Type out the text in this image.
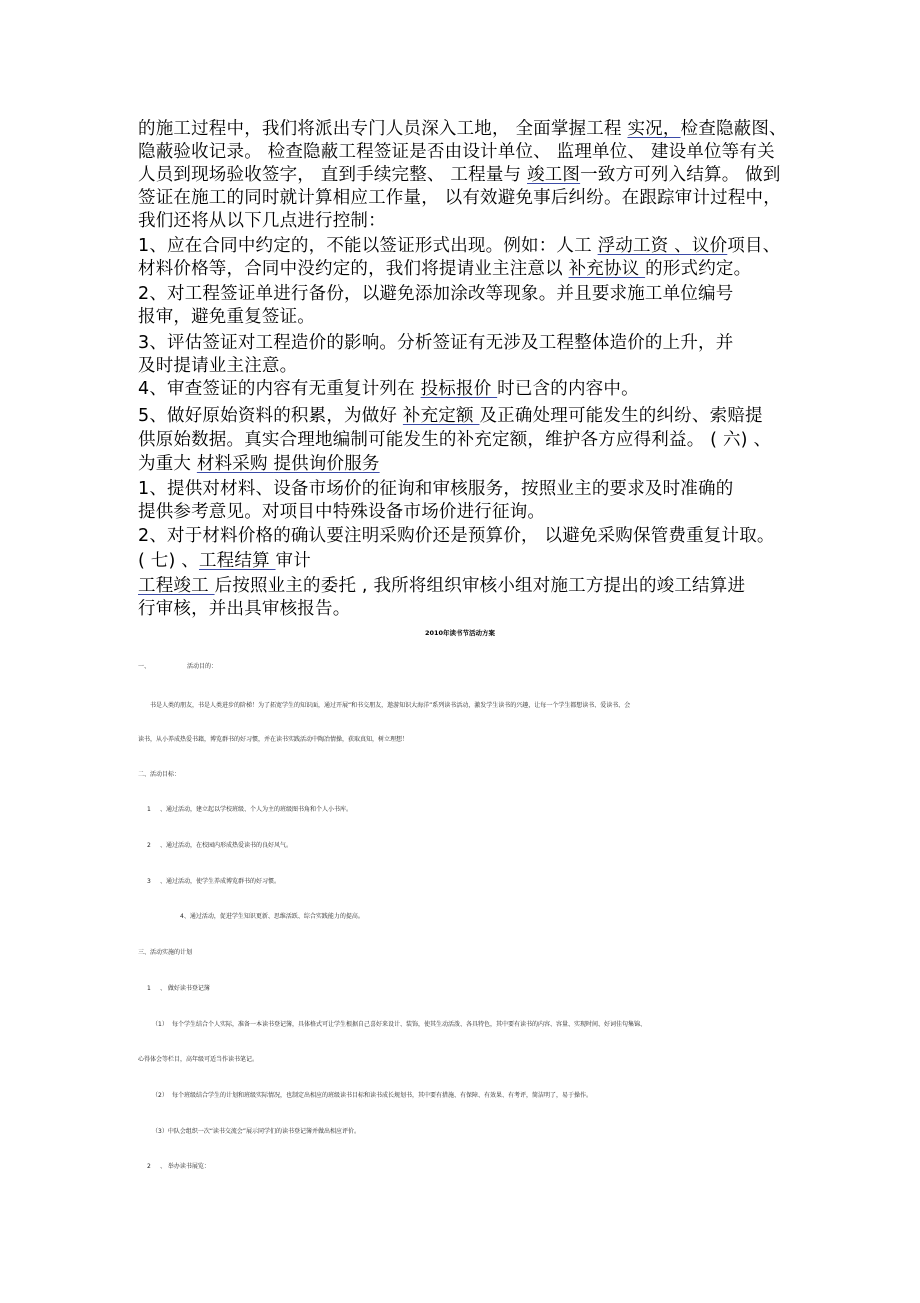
的施工过程中，我们将派出专门人员深入工地， 全面掌握工程 实况，检查隐蔽图、
隐蔽验收记录。 检查隐蔽工程签证是否由设计单位、 监理单位、 建设单位等有关
人员到现场验收签字， 直到手续完整、 工程量与 竣工图一致方可列入结算。 做到
签证在施工的同时就计算相应工作量， 以有效避免事后纠纷。在跟踪审计过程中，
我们还将从以下几点进行控制：
1、应在合同中约定的，不能以签证形式出现。例如：人工 浮动工资 、议价项目、
材料价格等，合同中没约定的，我们将提请业主注意以 补充协议 的形式约定。
2、对工程签证单进行备份，以避免添加涂改等现象。并且要求施工单位编号
报审，避免重复签证。
3、评估签证对工程造价的影响。分析签证有无涉及工程整体造价的上升，并
及时提请业主注意。
4、审查签证的内容有无重复计列在 投标报价 时已含的内容中。
5、做好原始资料的积累，为做好 补充定额 及正确处理可能发生的纠纷、索赔提
供原始数据。真实合理地编制可能发生的补充定额，维护各方应得利益。 ( 六) 、
为重大 材料采购 提供询价服务
1、提供对材料、设备市场价的征询和审核服务，按照业主的要求及时准确的
提供参考意见。对项目中特殊设备市场价进行征询。
2、对于材料价格的确认要注明采购价还是预算价， 以避免采购保管费重复计取。
( 七) 、工程结算 审计
工程竣工 后按照业主的委托 , 我所将组织审核小组对施工方提出的竣工结算进
行审核，并出具审核报告。
2010年读书节活动方案
一、	活动目的：
书是人类的朋友，书是人类进步的阶梯！为了拓宽学生的知识面，通过开展“和书交朋友，遨游知识大海洋”系列读书活动，激发学生读书的兴趣，让每一个学生都想读书、爱读书、会
读书，从小养成热爱书籍，博览群书的好习惯，并在读书实践活动中陶冶情操，获取真知，树立理想！
二、活动目标：
1 、通过活动，建立起以学校班级、个人为主的班级图书角和个人小书库。
2 、通过活动，在校园内形成热爱读书的良好风气。
3 、通过活动，使学生养成博览群书的好习惯。
4、通过活动，促进学生知识更新、思维活跃、综合实践能力的提高。
三、活动实施的计划
1 、 做好读书登记簿
（1） 每个学生结合个人实际，准备一本读书登记簿，具体格式可让学生根据自己喜好来设计、装饰，使其生动活泼、各具特色，其中要有读书的内容、容量、实现时间、好词佳句集锦、
心得体会等栏目，高年级可适当作读书笔记。
（2） 每个班级结合学生的计划和班级实际情况，也制定出相应的班级读书目标和读书成长规划书，其中要有措施、有保障、有效果、有考评，简洁明了，易于操作。
（3）中队会组织一次“读书交流会”展示同学们的读书登记簿并做出相应评价。
2 、 举办读书展览：
